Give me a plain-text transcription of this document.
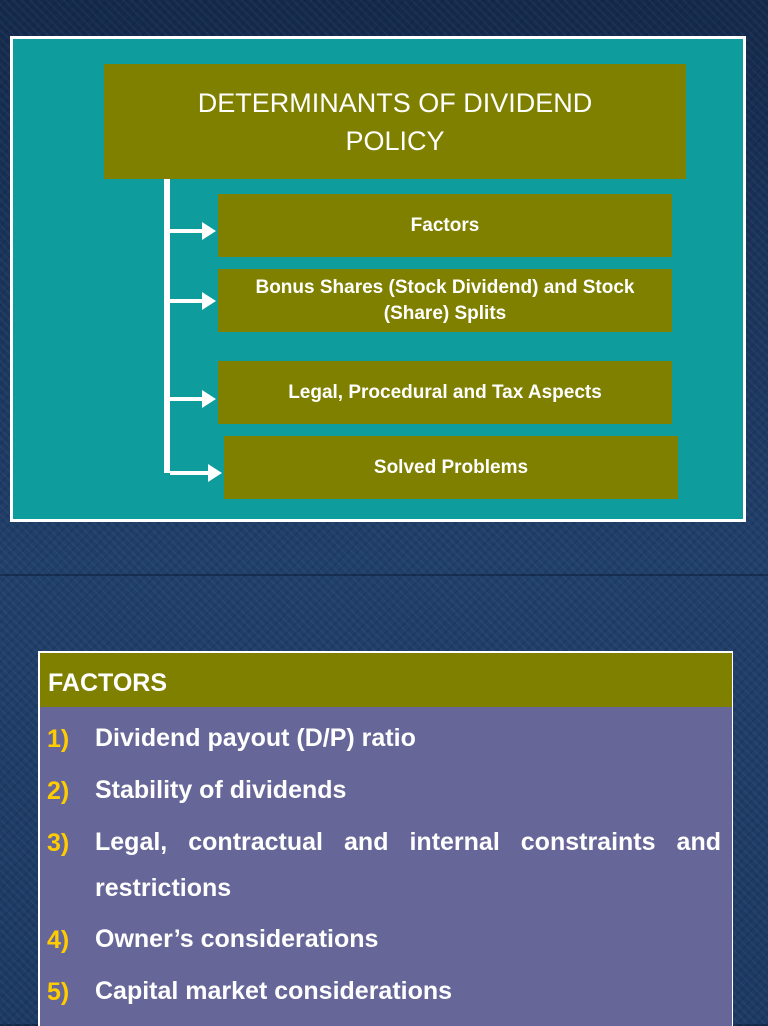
DETERMINANTS OF DIVIDEND POLICY
Factors
Bonus Shares (Stock Dividend) and Stock (Share) Splits
Legal, Procedural and Tax Aspects
Solved Problems
FACTORS
1) Dividend payout (D/P) ratio
2) Stability of dividends
3) Legal, contractual and internal constraints and restrictions
4) Owner’s considerations
5) Capital market considerations
